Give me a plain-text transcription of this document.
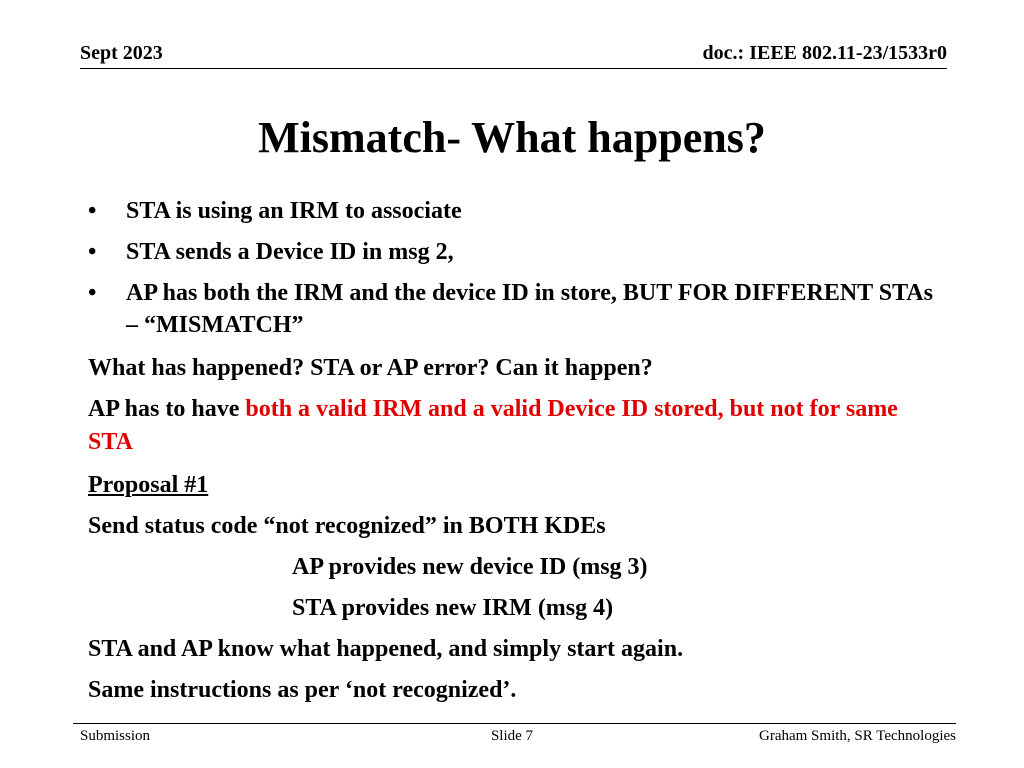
Sept 2023	doc.: IEEE 802.11-23/1533r0
Mismatch- What happens?
• STA is using an IRM to associate
• STA sends a Device ID in msg 2,
• AP has both the IRM and the device ID in store, BUT FOR DIFFERENT STAs – “MISMATCH”
What has happened? STA or AP error? Can it happen?
AP has to have both a valid IRM and a valid Device ID stored, but not for same STA
Proposal #1
Send status code “not recognized” in BOTH KDEs
AP provides new device ID (msg 3)
STA provides new IRM (msg 4)
STA and AP know what happened, and simply start again.
Same instructions as per ‘not recognized’.
Submission	Slide 7	Graham Smith, SR Technologies
